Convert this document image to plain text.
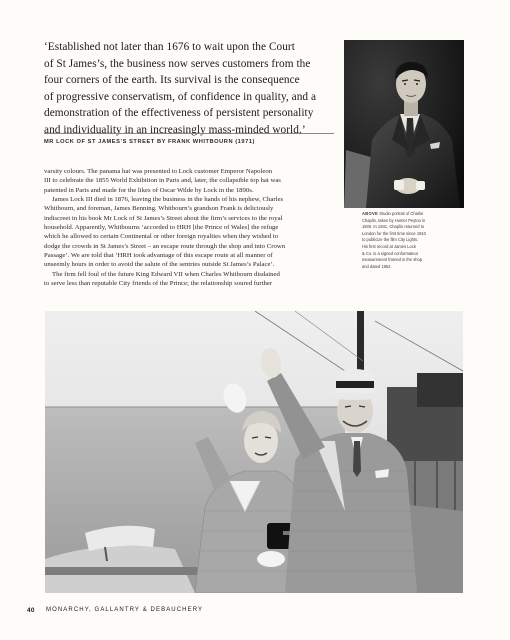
‘Established not later than 1676 to wait upon the Court
of St James’s, the business now serves customers from the
four corners of the earth. Its survival is the consequence
of progressive conservatism, of confidence in quality, and a
demonstration of the effectiveness of persistent personality
and individuality in an increasingly mass-minded world.’
MR LOCK OF ST JAMES’S STREET BY FRANK WHITBOURN (1971)
varsity colours. The panama hat was presented to Lock customer Emperor Napoleon
III to celebrate the 1855 World Exhibition in Paris and, later, the collapsible top hat was
patented in Paris and made for the likes of Oscar Wilde by Lock in the 1890s.
James Lock III died in 1876, leaving the business in the hands of his nephew, Charles
Whitbourn, and foreman, James Benning. Whitbourn’s grandson Frank is deliciously
indiscreet in his book Mr Lock of St James’s Street about the firm’s services to the royal
household. Apparently, Whitbourns ‘accorded to HRH [the Prince of Wales] the refuge
which he allowed to certain Continental or other foreign royalties when they wished to
dodge the crowds in St James’s Street – an escape route through the shop and into Crown
Passage’. We are told that ‘HRH took advantage of this escape route at all manner of
unseemly hours in order to avoid the salute of the sentries outside St James’s Palace’.
The firm fell foul of the future King Edward VII when Charles Whitbourn disdained
to serve less than reputable City friends of the Prince; the relationship soured further
ABOVE Studio portrait of Charlie
Chaplin, taken by Homer Peyton in
1930. In 1931, Chaplin returned to
London for the first time since 1910
to publicize the film City Lights.
His first record at James Lock
& Co. is a signed conformateur
measurement framed in the shop
and dated 1952.
40 MONARCHY, GALLANTRY & DEBAUCHERY
